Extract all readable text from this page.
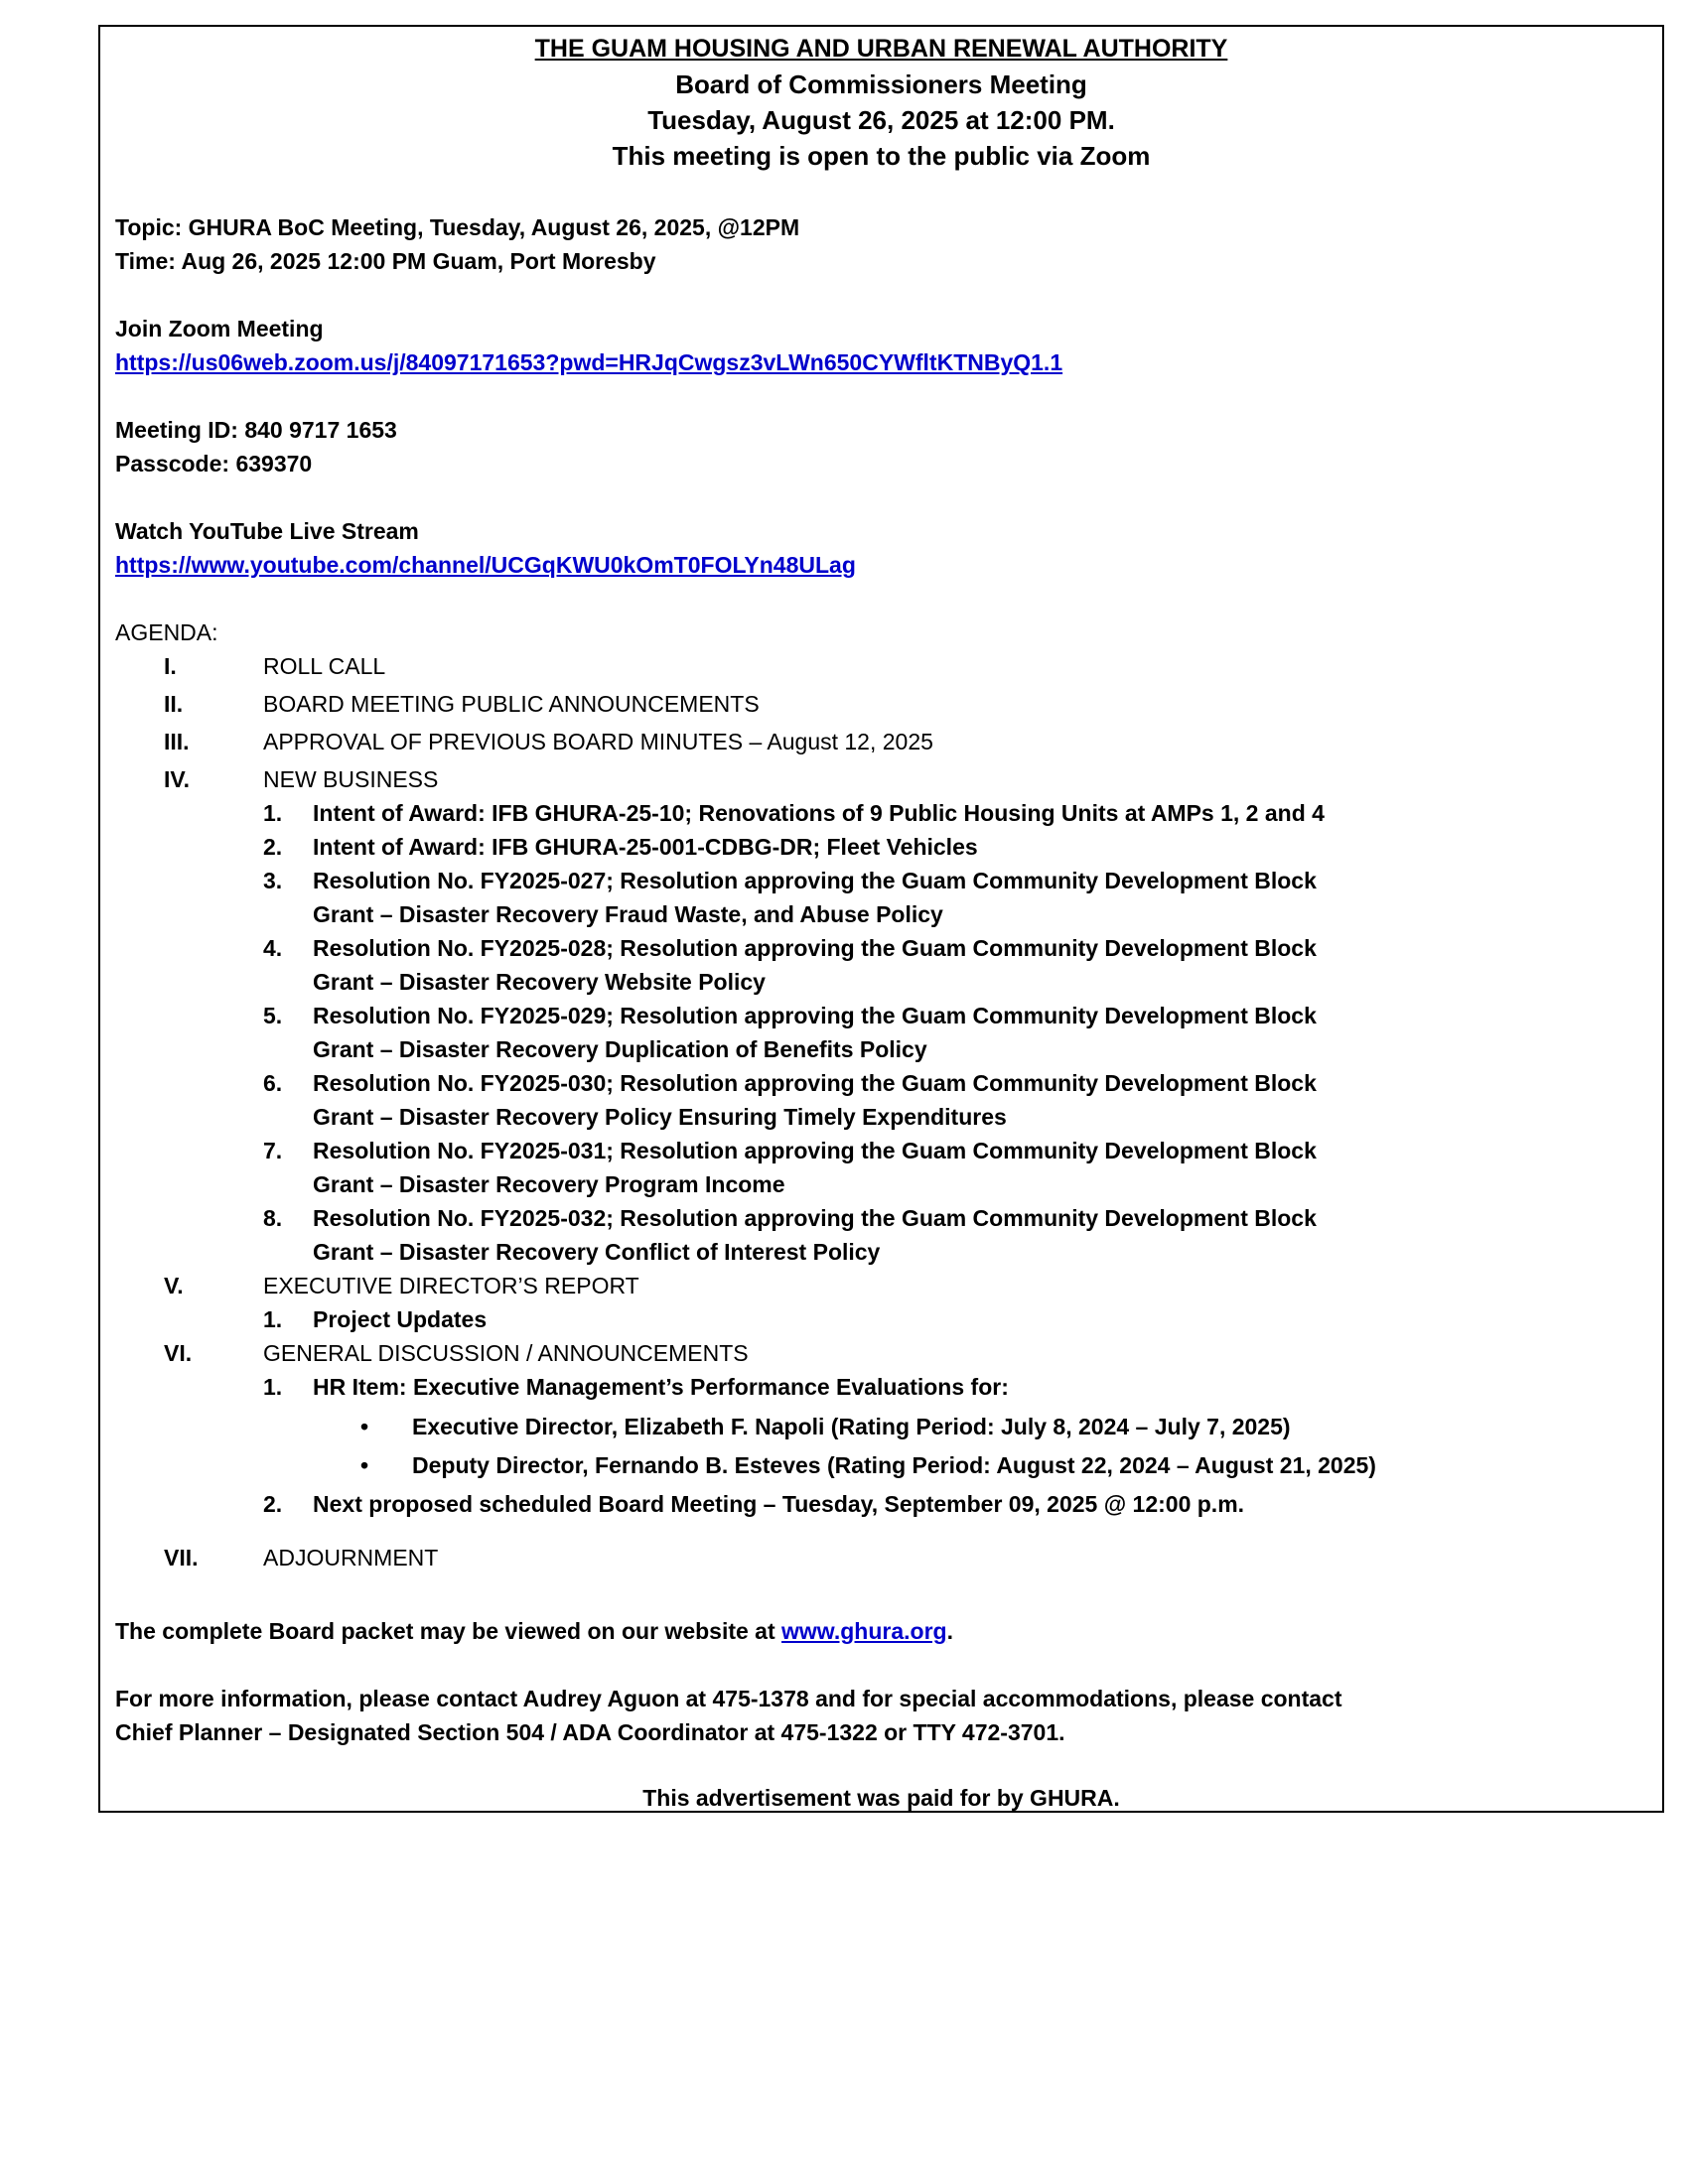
THE GUAM HOUSING AND URBAN RENEWAL AUTHORITY
Board of Commissioners Meeting
Tuesday, August 26, 2025 at 12:00 PM.
This meeting is open to the public via Zoom
Topic: GHURA BoC Meeting, Tuesday, August 26, 2025, @12PM
Time: Aug 26, 2025 12:00 PM Guam, Port Moresby
Join Zoom Meeting
https://us06web.zoom.us/j/84097171653?pwd=HRJqCwgsz3vLWn650CYWfltKTNByQ1.1
Meeting ID: 840 9717 1653
Passcode: 639370
Watch YouTube Live Stream
https://www.youtube.com/channel/UCGqKWU0kOmT0FOLYn48ULag
AGENDA:
I.	ROLL CALL
II.	BOARD MEETING PUBLIC ANNOUNCEMENTS
III.	APPROVAL OF PREVIOUS BOARD MINUTES – August 12, 2025
IV.	NEW BUSINESS
1. Intent of Award: IFB GHURA-25-10; Renovations of 9 Public Housing Units at AMPs 1, 2 and 4
2. Intent of Award: IFB GHURA-25-001-CDBG-DR; Fleet Vehicles
3. Resolution No. FY2025-027; Resolution approving the Guam Community Development Block
Grant – Disaster Recovery Fraud Waste, and Abuse Policy
4. Resolution No. FY2025-028; Resolution approving the Guam Community Development Block
Grant – Disaster Recovery Website Policy
5. Resolution No. FY2025-029; Resolution approving the Guam Community Development Block
Grant – Disaster Recovery Duplication of Benefits Policy
6. Resolution No. FY2025-030; Resolution approving the Guam Community Development Block
Grant – Disaster Recovery Policy Ensuring Timely Expenditures
7. Resolution No. FY2025-031; Resolution approving the Guam Community Development Block
Grant – Disaster Recovery Program Income
8. Resolution No. FY2025-032; Resolution approving the Guam Community Development Block
Grant – Disaster Recovery Conflict of Interest Policy
V.	EXECUTIVE DIRECTOR’S REPORT
1. Project Updates
VI.	GENERAL DISCUSSION / ANNOUNCEMENTS
1. HR Item: Executive Management’s Performance Evaluations for:
• Executive Director, Elizabeth F. Napoli (Rating Period: July 8, 2024 – July 7, 2025)
• Deputy Director, Fernando B. Esteves (Rating Period: August 22, 2024 – August 21, 2025)
2. Next proposed scheduled Board Meeting – Tuesday, September 09, 2025 @ 12:00 p.m.
VII.	ADJOURNMENT
The complete Board packet may be viewed on our website at www.ghura.org.
For more information, please contact Audrey Aguon at 475-1378 and for special accommodations, please contact
Chief Planner – Designated Section 504 / ADA Coordinator at 475-1322 or TTY 472-3701.
This advertisement was paid for by GHURA.
